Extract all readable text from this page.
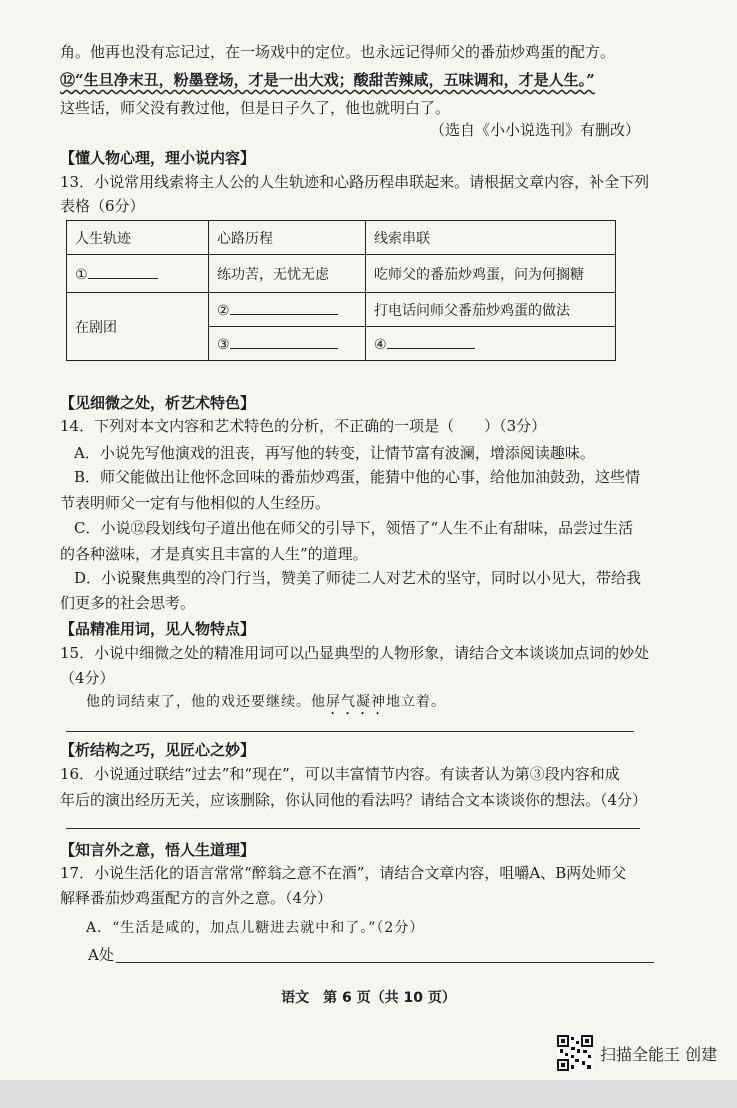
角。他再也没有忘记过，在一场戏中的定位。也永远记得师父的番茄炒鸡蛋的配方。
⑫“生旦净末丑，粉墨登场，才是一出大戏；酸甜苦辣咸，五味调和，才是人生。”
这些话，师父没有教过他，但是日子久了，他也就明白了。
（选自《小小说选刊》有删改）
【懂人物心理，理小说内容】
13．小说常用线索将主人公的人生轨迹和心路历程串联起来。请根据文章内容，补全下列
表格（6分）
人生轨迹	心路历程	线索串联
①	练功苦，无忧无虑	吃师父的番茄炒鸡蛋，问为何搁糖
在剧团	②	打电话问师父番茄炒鸡蛋的做法
	③	④
【见细微之处，析艺术特色】
14．下列对本文内容和艺术特色的分析，不正确的一项是（　　）（3分）
A．小说先写他演戏的沮丧，再写他的转变，让情节富有波澜，增添阅读趣味。
B．师父能做出让他怀念回味的番茄炒鸡蛋，能猜中他的心事，给他加油鼓劲，这些情
节表明师父一定有与他相似的人生经历。
C．小说⑫段划线句子道出他在师父的引导下，领悟了“人生不止有甜味，品尝过生活
的各种滋味，才是真实且丰富的人生”的道理。
D．小说聚焦典型的冷门行当，赞美了师徒二人对艺术的坚守，同时以小见大，带给我
们更多的社会思考。
【品精准用词，见人物特点】
15．小说中细微之处的精准用词可以凸显典型的人物形象，请结合文本谈谈加点词的妙处
（4分）
他的词结束了，他的戏还要继续。他屏气凝神地立着。
【析结构之巧，见匠心之妙】
16．小说通过联结“过去”和“现在”，可以丰富情节内容。有读者认为第③段内容和成
年后的演出经历无关，应该删除，你认同他的看法吗？请结合文本谈谈你的想法。（4分）
【知言外之意，悟人生道理】
17．小说生活化的语言常常“醉翁之意不在酒”，请结合文章内容，咀嚼A、B两处师父
解释番茄炒鸡蛋配方的言外之意。（4分）
A．“生活是咸的，加点儿糖进去就中和了。”（2分）
A处
语文　第 6 页（共 10 页）
扫描全能王 创建
